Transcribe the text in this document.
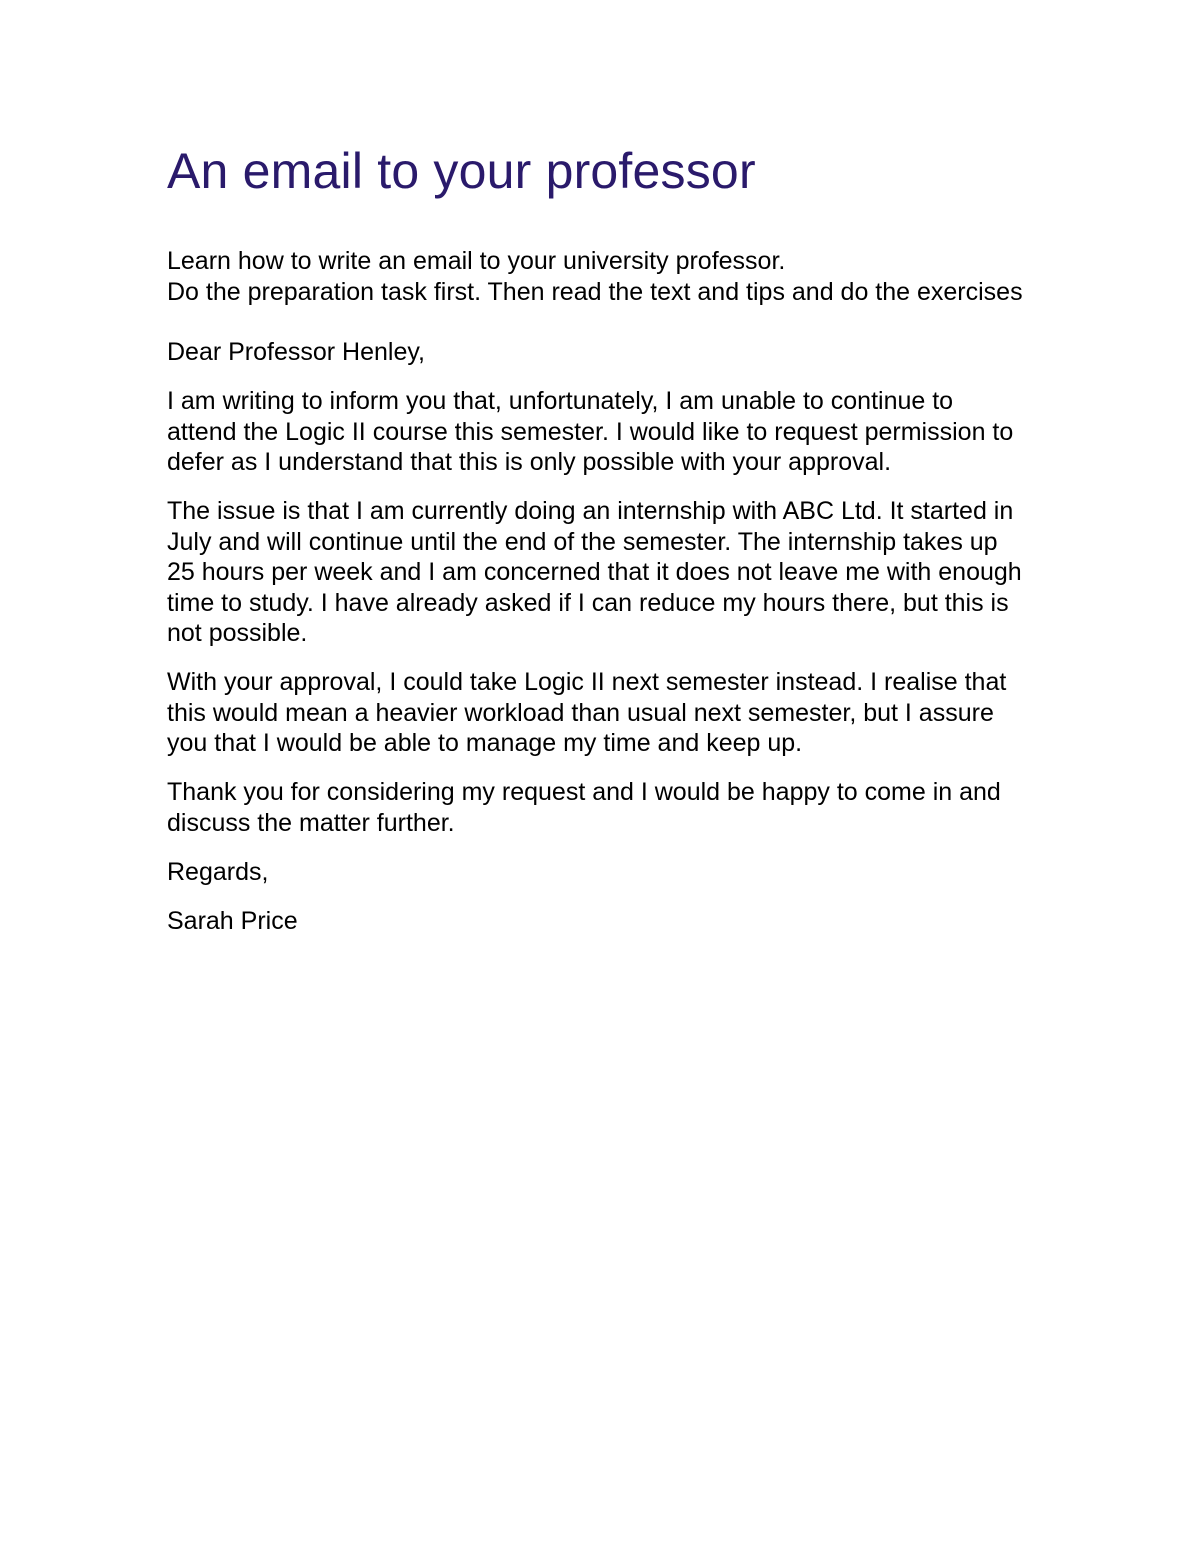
An email to your professor

Learn how to write an email to your university professor.

Do the preparation task first. Then read the text and tips and do the exercises

Dear Professor Henley,

I am writing to inform you that, unfortunately, I am unable to continue to attend the Logic II course this semester. I would like to request permission to defer as I understand that this is only possible with your approval.

The issue is that I am currently doing an internship with ABC Ltd. It started in July and will continue until the end of the semester. The internship takes up 25 hours per week and I am concerned that it does not leave me with enough time to study. I have already asked if I can reduce my hours there, but this is not possible.

With your approval, I could take Logic II next semester instead. I realise that this would mean a heavier workload than usual next semester, but I assure you that I would be able to manage my time and keep up.

Thank you for considering my request and I would be happy to come in and discuss the matter further.

Regards,

Sarah Price
